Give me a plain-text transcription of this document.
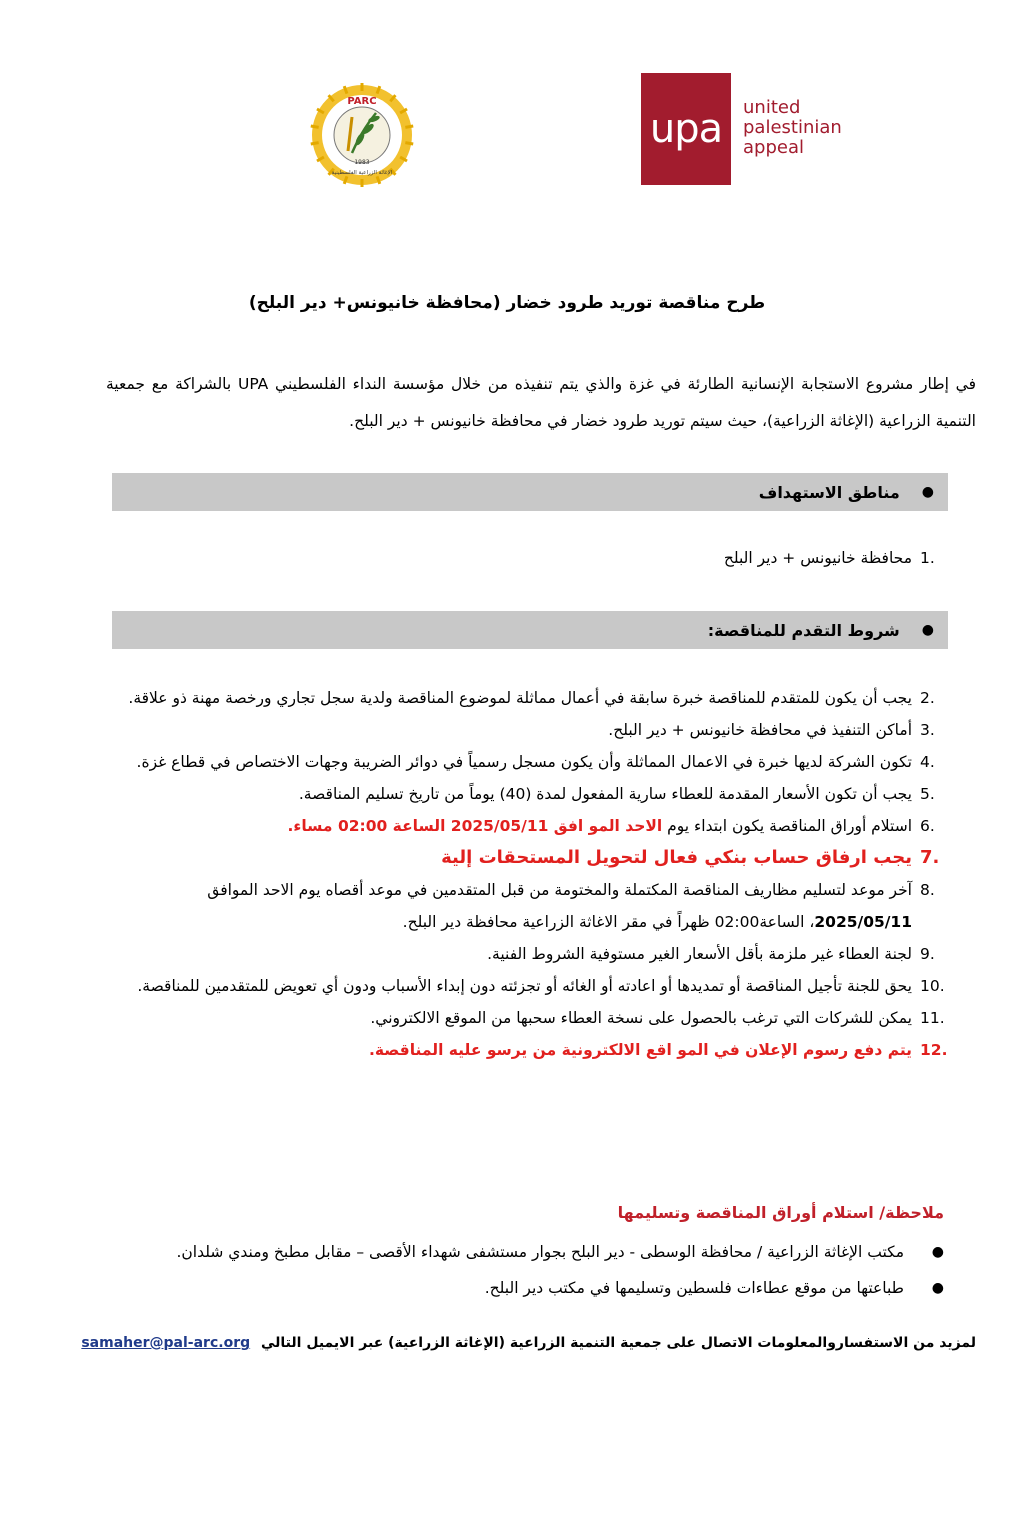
PARC
1983
الإغاثة الزراعية الفلسطينية
upa united
palestinian
appeal
طرح مناقصة توريد طرود خضار (محافظة خانيونس+ دير البلح)
في إطار مشروع الاستجابة الإنسانية الطارئة في غزة والذي يتم تنفيذه من خلال مؤسسة النداء الفلسطيني UPA بالشراكة مع جمعية التنمية الزراعية (الإغاثة الزراعية)، حيث سيتم توريد طرود خضار في محافظة خانيونس + دير البلح.
●
مناطق الاستهداف
1.
محافظة خانيونس + دير البلح
●
شروط التقدم للمناقصة:
2.
يجب أن يكون للمتقدم للمناقصة خبرة سابقة في أعمال مماثلة لموضوع المناقصة ولدية سجل تجاري ورخصة مهنة ذو علاقة.
3.
أماكن التنفيذ في محافظة خانيونس + دير البلح.
4.
تكون الشركة لديها خبرة في الاعمال المماثلة وأن يكون مسجل رسمياً في دوائر الضريبة وجهات الاختصاص في قطاع غزة.
5.
يجب أن تكون الأسعار المقدمة للعطاء سارية المفعول لمدة (40) يوماً من تاريخ تسليم المناقصة.
6.
استلام أوراق المناقصة يكون ابتداء يوم الاحد المو افق 2025/05/11 الساعة 02:00 مساء.
7.
يجب ارفاق حساب بنكي فعال لتحويل المستحقات إلية
8.
آخر موعد لتسليم مظاريف المناقصة المكتملة والمختومة من قبل المتقدمين في موعد أقصاه يوم الاحد الموافق 2025/05/11، الساعة02:00 ظهراً في مقر الاغاثة الزراعية محافظة دير البلح.
9.
لجنة العطاء غير ملزمة بأقل الأسعار الغير مستوفية الشروط الفنية.
10.
يحق للجنة تأجيل المناقصة أو تمديدها أو اعادته أو الغائه أو تجزئته دون إبداء الأسباب ودون أي تعويض للمتقدمين للمناقصة.
11.
يمكن للشركات التي ترغب بالحصول على نسخة العطاء سحبها من الموقع الالكتروني.
12.
يتم دفع رسوم الإعلان في المو اقع الالكترونية من يرسو عليه المناقصة.
ملاحظة/ استلام أوراق المناقصة وتسليمها
●
مكتب الإغاثة الزراعية / محافظة الوسطى - دير البلح بجوار مستشفى شهداء الأقصى – مقابل مطبخ ومندي شلدان.
●
طباعتها من موقع عطاءات فلسطين وتسليمها في مكتب دير البلح.
لمزيد من الاستفساروالمعلومات الاتصال على جمعية التنمية الزراعية (الإغاثة الزراعية) عبر الايميل التالي samaher@pal-arc.org
